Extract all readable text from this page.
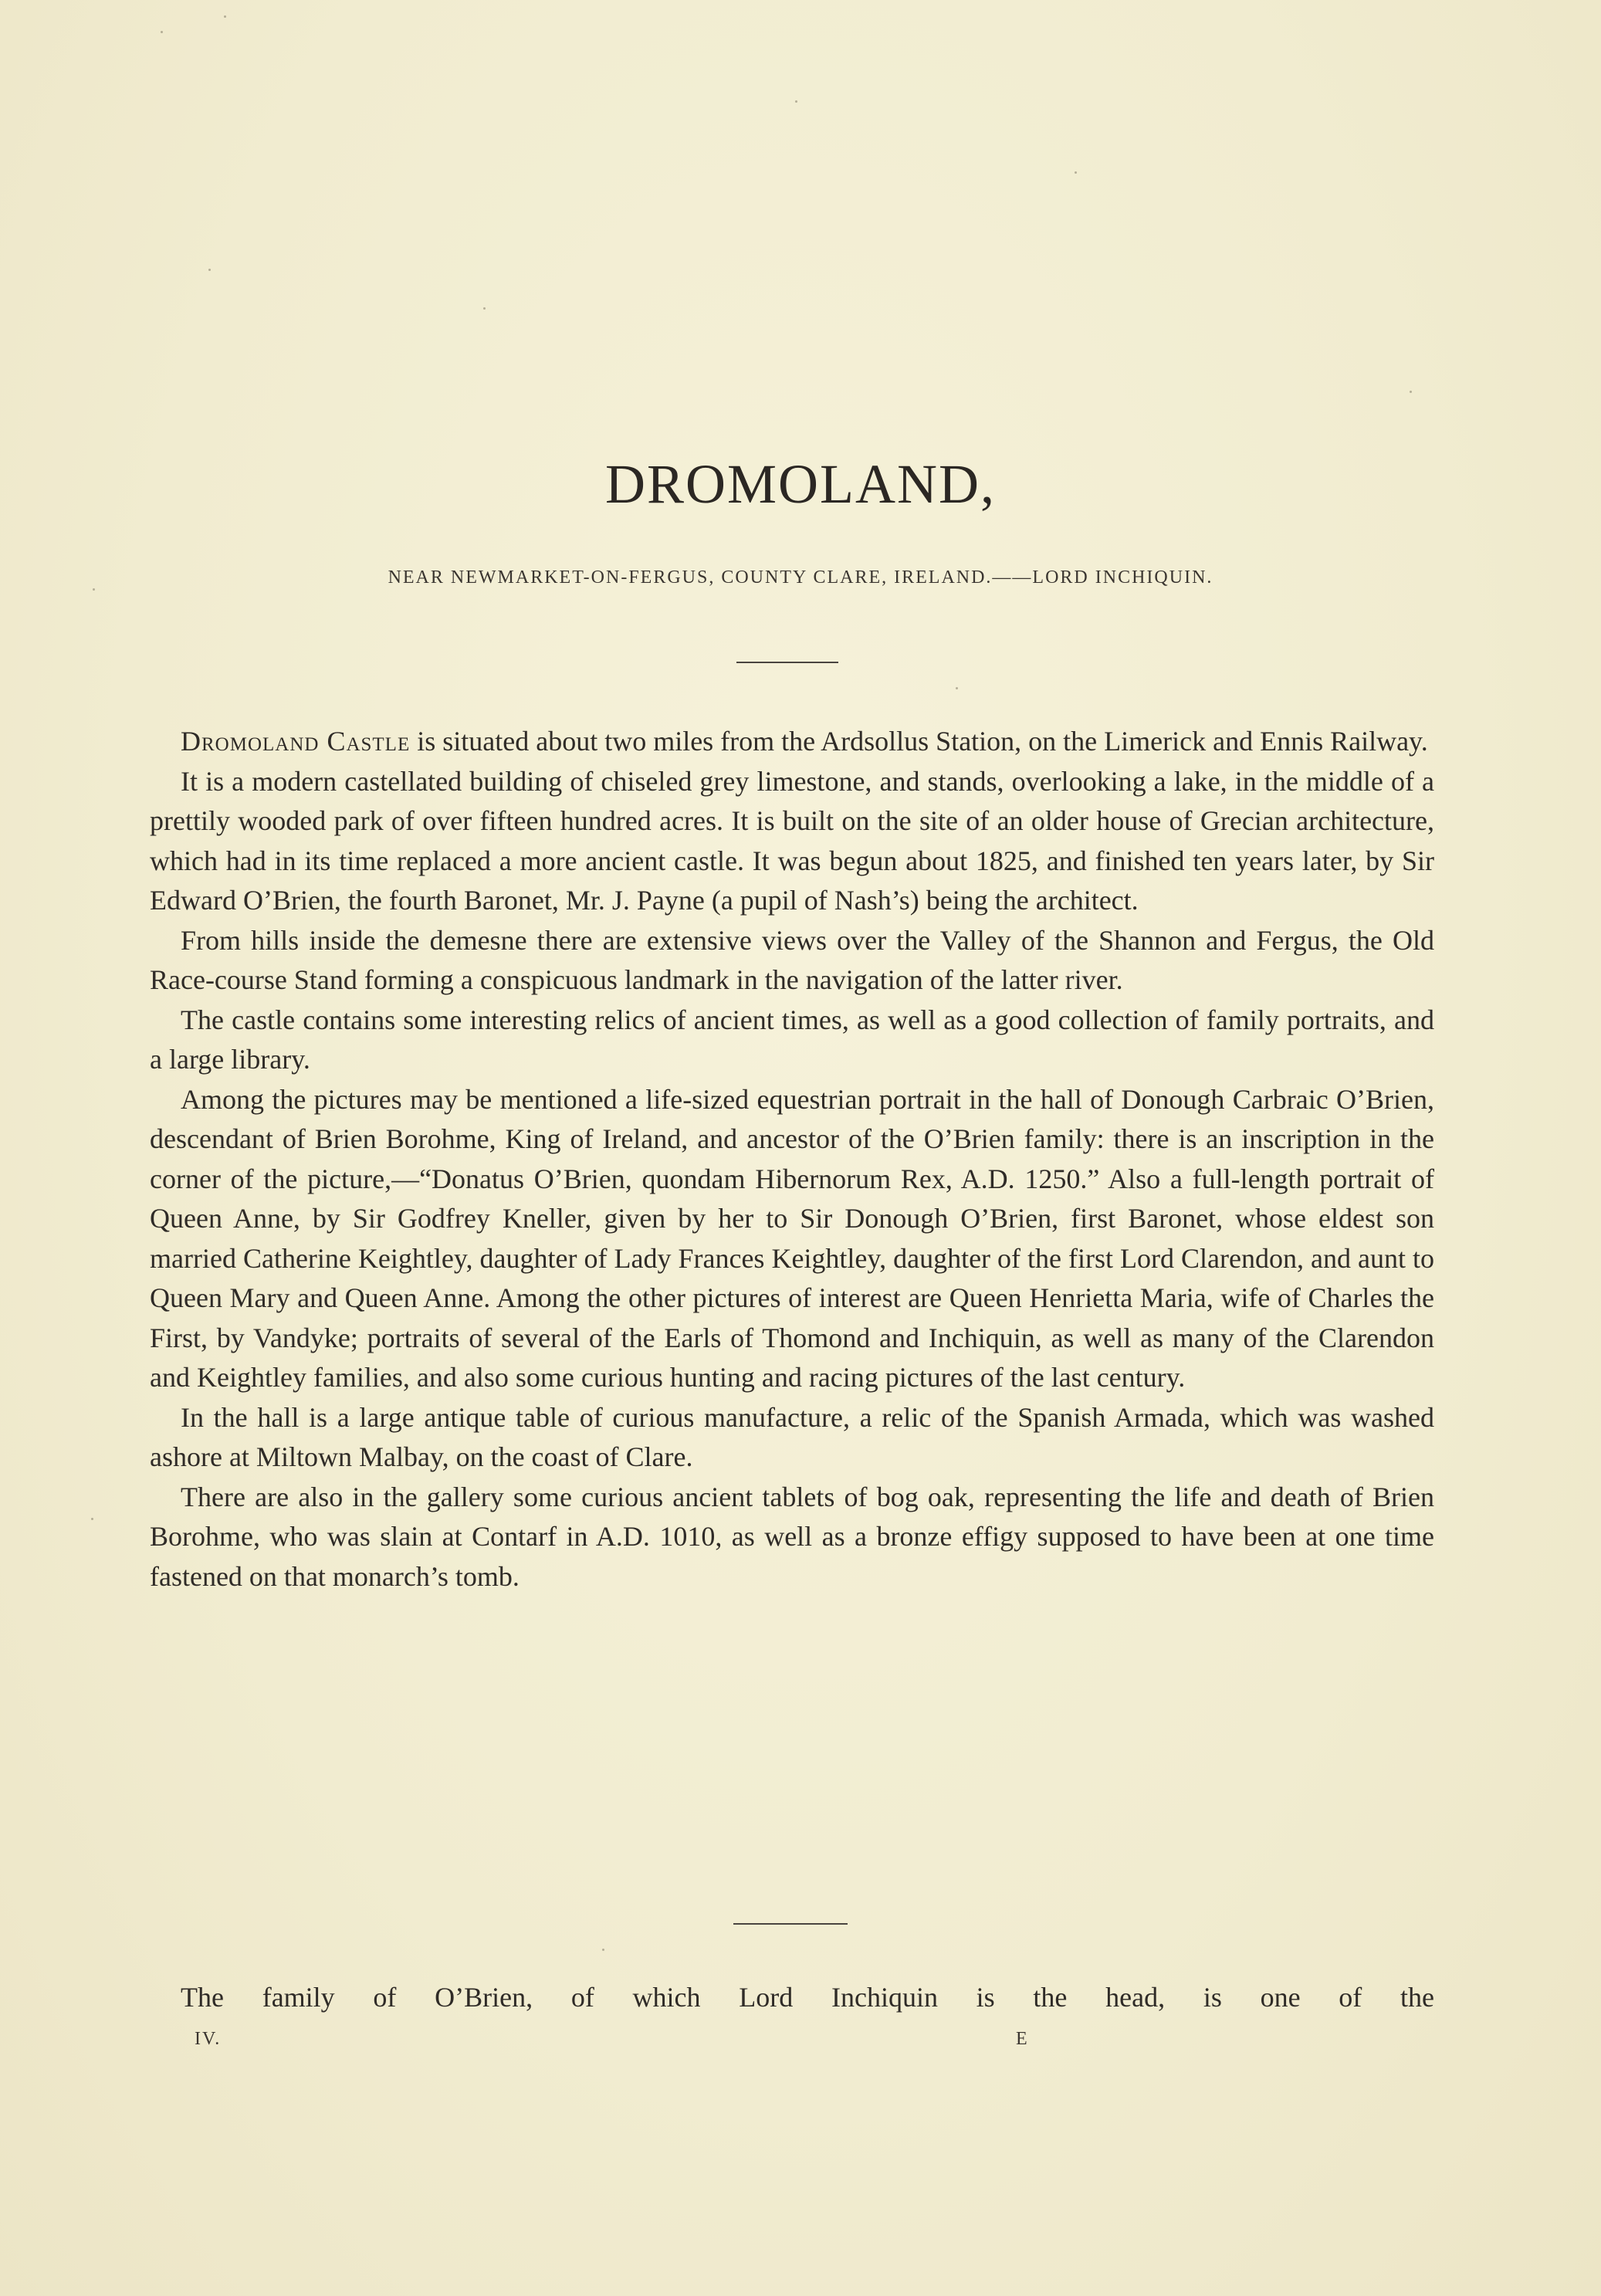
DROMOLAND,
NEAR NEWMARKET-ON-FERGUS, COUNTY CLARE, IRELAND.——LORD INCHIQUIN.

Dromoland Castle is situated about two miles from the Ardsollus Station, on the Limerick and Ennis Railway.

It is a modern castellated building of chiseled grey limestone, and stands, overlooking a lake, in the middle of a prettily wooded park of over fifteen hundred acres. It is built on the site of an older house of Grecian architecture, which had in its time replaced a more ancient castle. It was begun about 1825, and finished ten years later, by Sir Edward O’Brien, the fourth Baronet, Mr. J. Payne (a pupil of Nash’s) being the architect.

From hills inside the demesne there are extensive views over the Valley of the Shannon and Fergus, the Old Race-course Stand forming a conspicuous landmark in the navigation of the latter river.

The castle contains some interesting relics of ancient times, as well as a good collection of family portraits, and a large library.

Among the pictures may be mentioned a life-sized equestrian portrait in the hall of Donough Carbraic O’Brien, descendant of Brien Borohme, King of Ireland, and ancestor of the O’Brien family: there is an inscription in the corner of the picture,—“Donatus O’Brien, quondam Hibernorum Rex, A.D. 1250.” Also a full-length portrait of Queen Anne, by Sir Godfrey Kneller, given by her to Sir Donough O’Brien, first Baronet, whose eldest son married Catherine Keightley, daughter of Lady Frances Keightley, daughter of the first Lord Clarendon, and aunt to Queen Mary and Queen Anne. Among the other pictures of interest are Queen Henrietta Maria, wife of Charles the First, by Vandyke; portraits of several of the Earls of Thomond and Inchiquin, as well as many of the Clarendon and Keightley families, and also some curious hunting and racing pictures of the last century.

In the hall is a large antique table of curious manufacture, a relic of the Spanish Armada, which was washed ashore at Miltown Malbay, on the coast of Clare.

There are also in the gallery some curious ancient tablets of bog oak, representing the life and death of Brien Borohme, who was slain at Contarf in A.D. 1010, as well as a bronze effigy supposed to have been at one time fastened on that monarch’s tomb.

The family of O’Brien, of which Lord Inchiquin is the head, is one of the
IV.	E
